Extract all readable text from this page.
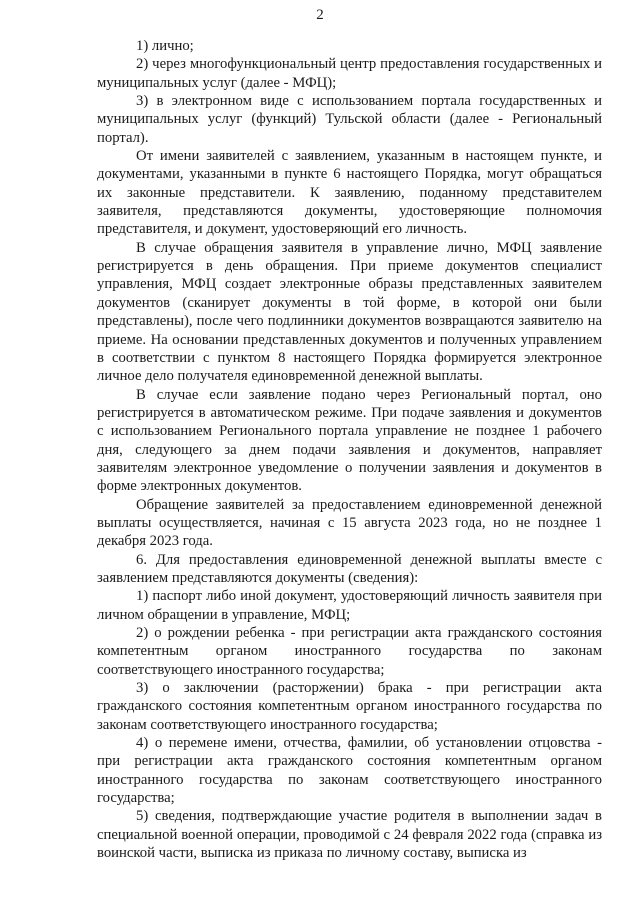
2

1) лично;

2) через многофункциональный центр предоставления государственных и муниципальных услуг (далее - МФЦ);

3) в электронном виде с использованием портала государственных и муниципальных услуг (функций) Тульской области (далее - Региональный портал).

От имени заявителей с заявлением, указанным в настоящем пункте, и документами, указанными в пункте 6 настоящего Порядка, могут обращаться их законные представители. К заявлению, поданному представителем заявителя, представляются документы, удостоверяющие полномочия представителя, и документ, удостоверяющий его личность.

В случае обращения заявителя в управление лично, МФЦ заявление регистрируется в день обращения. При приеме документов специалист управления, МФЦ создает электронные образы представленных заявителем документов (сканирует документы в той форме, в которой они были представлены), после чего подлинники документов возвращаются заявителю на приеме. На основании представленных документов и полученных управлением в соответствии с пунктом 8 настоящего Порядка формируется электронное личное дело получателя единовременной денежной выплаты.

В случае если заявление подано через Региональный портал, оно регистрируется в автоматическом режиме. При подаче заявления и документов с использованием Регионального портала управление не позднее 1 рабочего дня, следующего за днем подачи заявления и документов, направляет заявителям электронное уведомление о получении заявления и документов в форме электронных документов.

Обращение заявителей за предоставлением единовременной денежной выплаты осуществляется, начиная с 15 августа 2023 года, но не позднее 1 декабря 2023 года.

6. Для предоставления единовременной денежной выплаты вместе с заявлением представляются документы (сведения):

1) паспорт либо иной документ, удостоверяющий личность заявителя при личном обращении в управление, МФЦ;

2) о рождении ребенка - при регистрации акта гражданского состояния компетентным органом иностранного государства по законам соответствующего иностранного государства;

3) о заключении (расторжении) брака - при регистрации акта гражданского состояния компетентным органом иностранного государства по законам соответствующего иностранного государства;

4) о перемене имени, отчества, фамилии, об установлении отцовства - при регистрации акта гражданского состояния компетентным органом иностранного государства по законам соответствующего иностранного государства;

5) сведения, подтверждающие участие родителя в выполнении задач в специальной военной операции, проводимой с 24 февраля 2022 года (справка из воинской части, выписка из приказа по личному составу, выписка из
